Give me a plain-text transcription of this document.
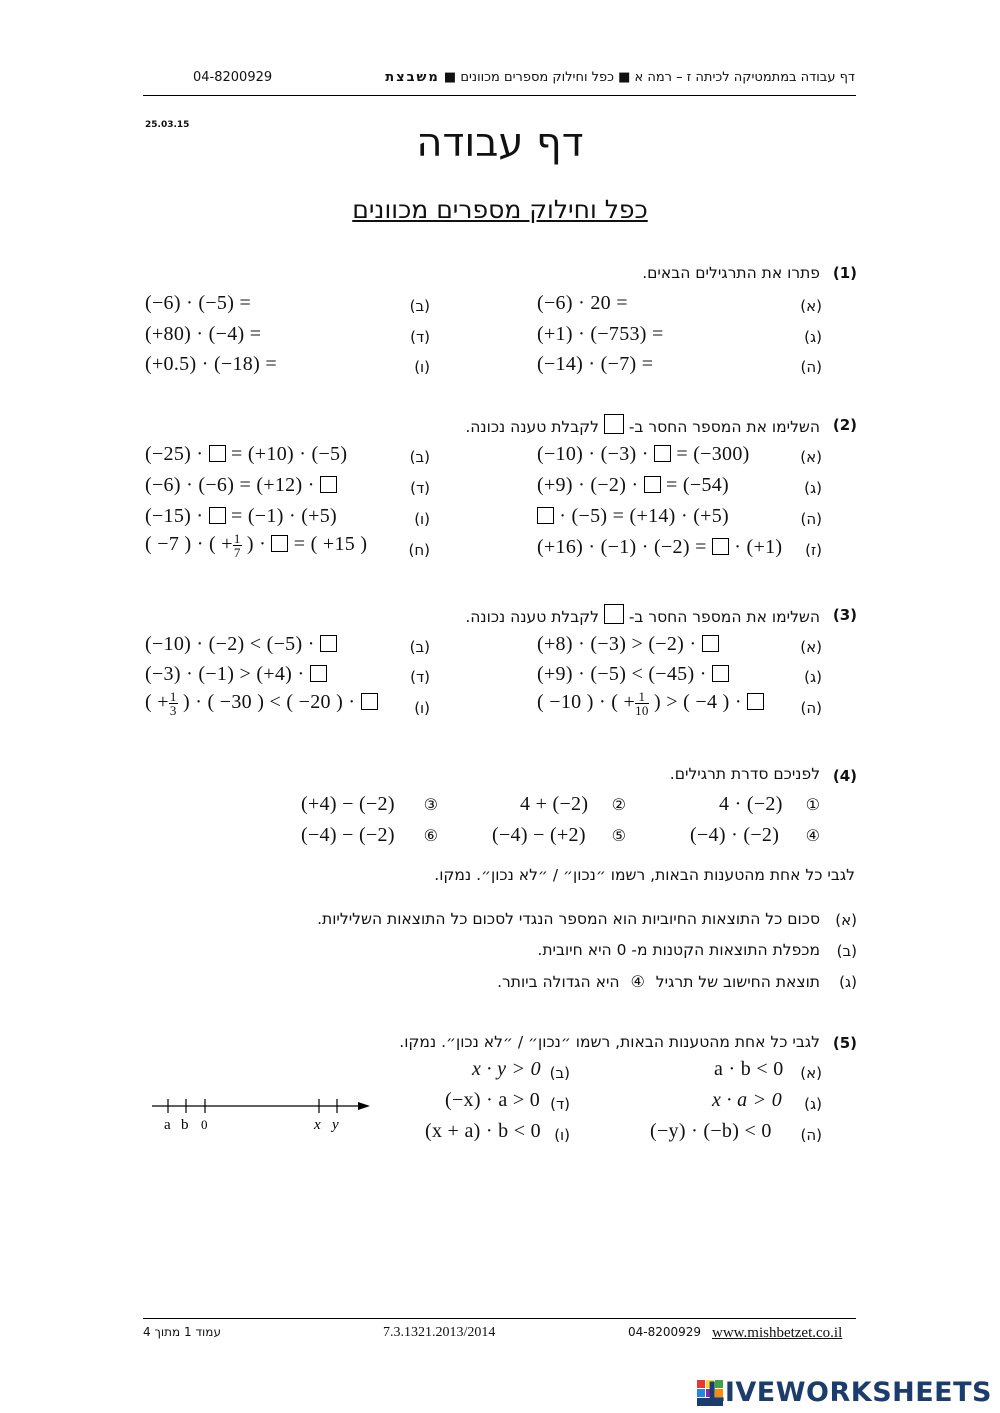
דף עבודה במתמטיקה לכיתה ז – רמה א ■ כפל וחילוק מספרים מכוונים ■ משבצת
04-8200929
25.03.15	דף עבודה
כפל וחילוק מספרים מכוונים
(1)
פתרו את התרגילים הבאים.
(א)
(−6) · 20 =
(ב)
(−6) · (−5) =
(ג)
(+1) · (−753) =
(ד)
(+80) · (−4) =
(ה)
(−14) · (−7) =
(ו)
(+0.5) · (−18) =
(2)
השלימו את המספר החסר ב-  לקבלת טענה נכונה.
(א)
(−10) · (−3) ·  = (−300)
(ב)
(−25) ·  = (+10) · (−5)
(ג)
(+9) · (−2) ·  = (−54)
(ד)
(−6) · (−6) = (+12) ·
(ה)
· (−5) = (+14) · (+5)
(ו)
(−15) ·  = (−1) · (+5)
(ז)
(+16) · (−1) · (−2) =  · (+1)
(ח)
( −7 ) · ( + $\frac{1}{7}$ ) ·  = ( +15 )
(3)
השלימו את המספר החסר ב-  לקבלת טענה נכונה.
(א)
(+8) · (−3) > (−2) ·
(ב)
(−10) · (−2) < (−5) ·
(ג)
(+9) · (−5) < (−45) ·
(ד)
(−3) · (−1) > (+4) ·
(ה)
( −10 ) · ( + $\frac{1}{10}$ ) > ( −4 ) ·
(ו)
( + $\frac{1}{3}$ ) · ( −30 ) < ( −20 ) ·
(4)
לפניכם סדרת תרגילים.
①
4 · (−2)
②
4 + (−2)
③
(+4) − (−2)
④
(−4) · (−2)
⑤
(−4) − (+2)
⑥
(−4) − (−2)
לגבי כל אחת מהטענות הבאות, רשמו ״נכון״ / ״לא נכון״. נמקו.
(א)
סכום כל התוצאות החיוביות הוא המספר הנגדי לסכום כל התוצאות השליליות.
(ב)
מכפלת התוצאות הקטנות מ- 0 היא חיובית.
(ג)
תוצאת החישוב של תרגיל ④ היא הגדולה ביותר.
(5)
לגבי כל אחת מהטענות הבאות, רשמו ״נכון״ / ״לא נכון״. נמקו.
(א)
a · b < 0
(ב)
x · y > 0
(ג)
x · a > 0
(ד)
(−x) · a > 0
(ה)
(−y) · (−b) < 0
(ו)
(x + a) · b < 0
a b 0	x y
עמוד 1 מתוך 4	7.3.1321.2013/2014	04-8200929 www.mishbetzet.co.il
LIVEWORKSHEETS
